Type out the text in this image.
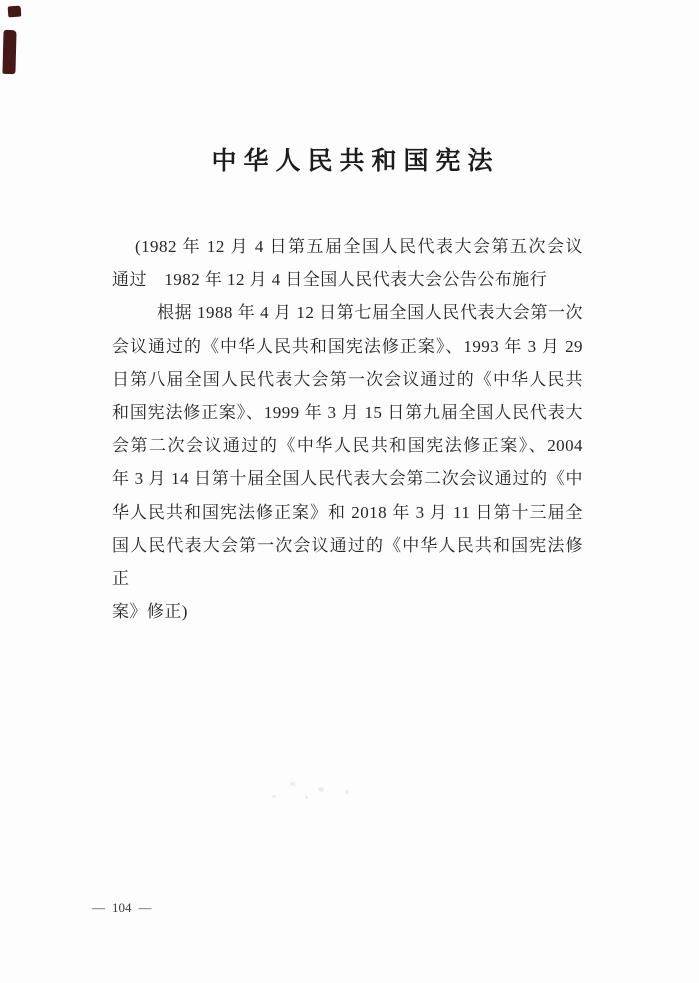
中华人民共和国宪法
(1982 年 12 月 4 日第五届全国人民代表大会第五次会议
通过　1982 年 12 月 4 日全国人民代表大会公告公布施行
根据 1988 年 4 月 12 日第七届全国人民代表大会第一次
会议通过的《中华人民共和国宪法修正案》、1993 年 3 月 29
日第八届全国人民代表大会第一次会议通过的《中华人民共
和国宪法修正案》、1999 年 3 月 15 日第九届全国人民代表大
会第二次会议通过的《中华人民共和国宪法修正案》、2004
年 3 月 14 日第十届全国人民代表大会第二次会议通过的《中
华人民共和国宪法修正案》和 2018 年 3 月 11 日第十三届全
国人民代表大会第一次会议通过的《中华人民共和国宪法修正
案》修正)
— 104 —
